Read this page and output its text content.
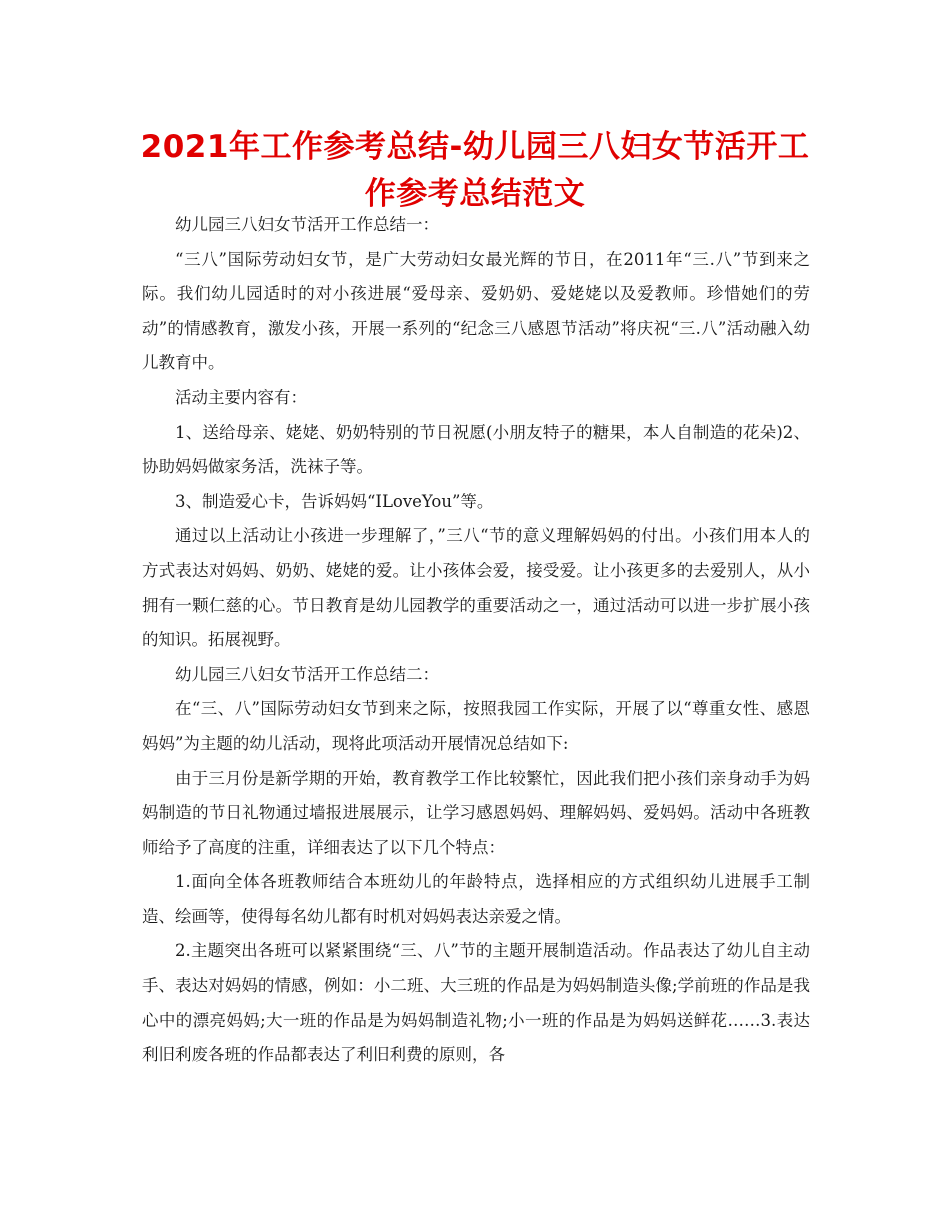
2021年工作参考总结-幼儿园三八妇女节活开工作参考总结范文

幼儿园三八妇女节活开工作总结一：

“三八”国际劳动妇女节，是广大劳动妇女最光辉的节日，在2011年“三.八”节到来之际。我们幼儿园适时的对小孩进展“爱母亲、爱奶奶、爱姥姥以及爱教师。珍惜她们的劳动”的情感教育，激发小孩，开展一系列的“纪念三八感恩节活动”将庆祝“三.八”活动融入幼儿教育中。

活动主要内容有：

1、送给母亲、姥姥、奶奶特别的节日祝愿(小朋友特子的糖果，本人自制造的花朵)2、协助妈妈做家务活，洗袜子等。

3、制造爱心卡，告诉妈妈“ILoveYou”等。

通过以上活动让小孩进一步理解了，”三八“节的意义理解妈妈的付出。小孩们用本人的方式表达对妈妈、奶奶、姥姥的爱。让小孩体会爱，接受爱。让小孩更多的去爱别人，从小拥有一颗仁慈的心。节日教育是幼儿园教学的重要活动之一，通过活动可以进一步扩展小孩的知识。拓展视野。

幼儿园三八妇女节活开工作总结二：

在“三、八”国际劳动妇女节到来之际，按照我园工作实际，开展了以“尊重女性、感恩妈妈”为主题的幼儿活动，现将此项活动开展情况总结如下:

由于三月份是新学期的开始，教育教学工作比较繁忙，因此我们把小孩们亲身动手为妈妈制造的节日礼物通过墙报进展展示，让学习感恩妈妈、理解妈妈、爱妈妈。活动中各班教师给予了高度的注重，详细表达了以下几个特点：

1.面向全体各班教师结合本班幼儿的年龄特点，选择相应的方式组织幼儿进展手工制造、绘画等，使得每名幼儿都有时机对妈妈表达亲爱之情。

2.主题突出各班可以紧紧围绕“三、八”节的主题开展制造活动。作品表达了幼儿自主动手、表达对妈妈的情感，例如：小二班、大三班的作品是为妈妈制造头像;学前班的作品是我心中的漂亮妈妈;大一班的作品是为妈妈制造礼物;小一班的作品是为妈妈送鲜花……3.表达利旧利废各班的作品都表达了利旧利费的原则，各
